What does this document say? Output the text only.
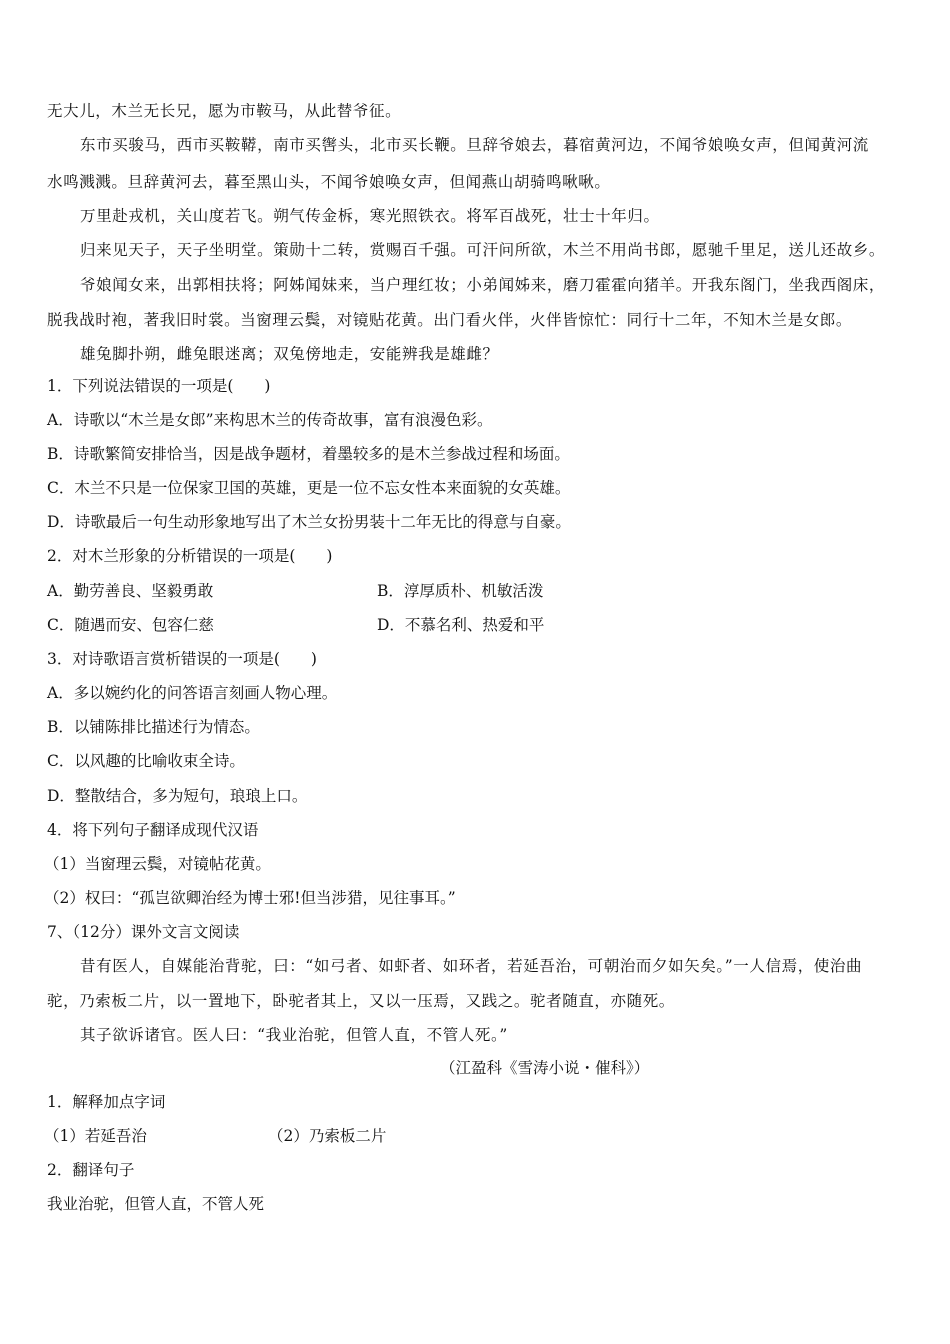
无大儿，木兰无长兄，愿为市鞍马，从此替爷征。
东市买骏马，西市买鞍鞯，南市买辔头，北市买长鞭。旦辞爷娘去，暮宿黄河边，不闻爷娘唤女声，但闻黄河流
水鸣溅溅。旦辞黄河去，暮至黑山头，不闻爷娘唤女声，但闻燕山胡骑鸣啾啾。
万里赴戎机，关山度若飞。朔气传金柝，寒光照铁衣。将军百战死，壮士十年归。
归来见天子，天子坐明堂。策勋十二转，赏赐百千强。可汗问所欲，木兰不用尚书郎，愿驰千里足，送儿还故乡。
爷娘闻女来，出郭相扶将；阿姊闻妹来，当户理红妆；小弟闻姊来，磨刀霍霍向猪羊。开我东阁门，坐我西阁床，
脱我战时袍，著我旧时裳。当窗理云鬓，对镜贴花黄。出门看火伴，火伴皆惊忙：同行十二年，不知木兰是女郎。
雄兔脚扑朔，雌兔眼迷离；双兔傍地走，安能辨我是雄雌？
1．下列说法错误的一项是(　　)
A．诗歌以“木兰是女郎”来构思木兰的传奇故事，富有浪漫色彩。
B．诗歌繁简安排恰当，因是战争题材，着墨较多的是木兰参战过程和场面。
C．木兰不只是一位保家卫国的英雄，更是一位不忘女性本来面貌的女英雄。
D．诗歌最后一句生动形象地写出了木兰女扮男装十二年无比的得意与自豪。
2．对木兰形象的分析错误的一项是(　　)
A．勤劳善良、坚毅勇敢	B．淳厚质朴、机敏活泼
C．随遇而安、包容仁慈	D．不慕名利、热爱和平
3．对诗歌语言赏析错误的一项是(　　)
A．多以婉约化的问答语言刻画人物心理。
B．以铺陈排比描述行为情态。
C．以风趣的比喻收束全诗。
D．整散结合，多为短句，琅琅上口。
4．将下列句子翻译成现代汉语
（1）当窗理云鬓，对镜帖花黄。
（2）权曰：“孤岂欲卿治经为博士邪!但当涉猎，见往事耳。”
7、（12分）课外文言文阅读
昔有医人，自媒能治背驼，曰：“如弓者、如虾者、如环者，若延吾治，可朝治而夕如矢矣。”一人信焉，使治曲
驼，乃索板二片，以一置地下，卧驼者其上，又以一压焉，又践之。驼者随直，亦随死。
其子欲诉诸官。医人曰：“我业治驼，但管人直，不管人死。”
（江盈科《雪涛小说・催科》）
1．解释加点字词
（1）若延吾治	（2）乃索板二片
2．翻译句子
我业治驼，但管人直，不管人死
